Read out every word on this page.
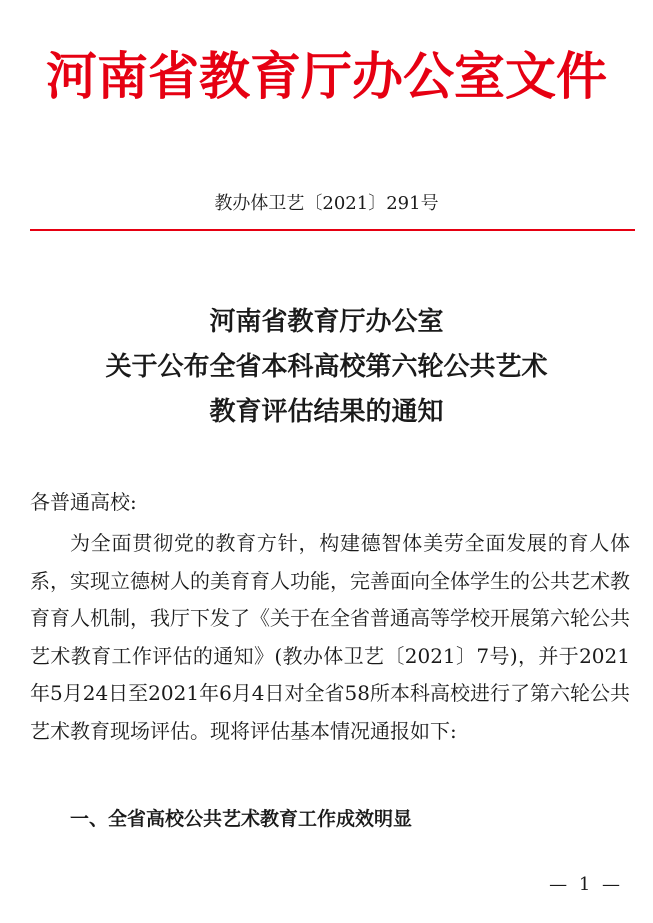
河南省教育厅办公室文件
教办体卫艺〔2021〕291号
河南省教育厅办公室
关于公布全省本科高校第六轮公共艺术
教育评估结果的通知
各普通高校:
为全面贯彻党的教育方针，构建德智体美劳全面发展的育人体系，实现立德树人的美育育人功能，完善面向全体学生的公共艺术教育育人机制，我厅下发了《关于在全省普通高等学校开展第六轮公共艺术教育工作评估的通知》(教办体卫艺〔2021〕7号)，并于2021年5月24日至2021年6月4日对全省58所本科高校进行了第六轮公共艺术教育现场评估。现将评估基本情况通报如下:
一、全省高校公共艺术教育工作成效明显
— 1 —
